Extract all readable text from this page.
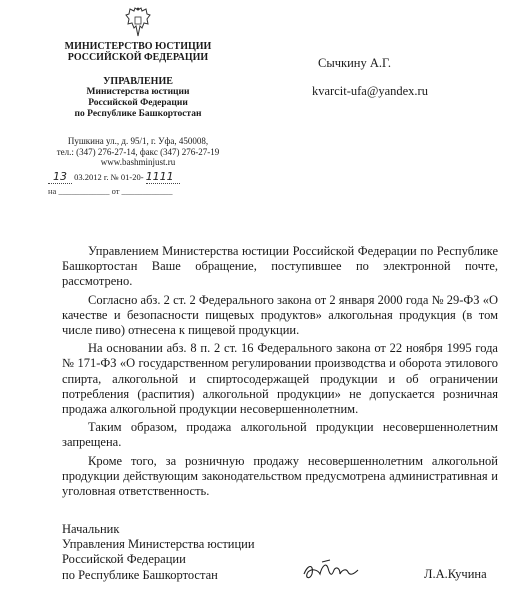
МИНИСТЕРСТВО ЮСТИЦИИ
РОССИЙСКОЙ ФЕДЕРАЦИИ
УПРАВЛЕНИЕ
Министерства юстиции
Российской Федерации
по Республике Башкортостан
Пушкина ул., д. 95/1, г. Уфа, 450008,
тел.: (347) 276-27-14, факс (347) 276-27-19
www.bashminjust.ru
13 03.2012 г. № 01-20- 1111
на ____________ от ____________
Сычкину А.Г.
kvarcit-ufa@yandex.ru

Управлением Министерства юстиции Российской Федерации по Республике Башкортостан Ваше обращение, поступившее по электронной почте, рассмотрено.

Согласно абз. 2 ст. 2 Федерального закона от 2 января 2000 года № 29-ФЗ «О качестве и безопасности пищевых продуктов» алкогольная продукция (в том числе пиво) отнесена к пищевой продукции.

На основании абз. 8 п. 2 ст. 16 Федерального закона от 22 ноября 1995 года № 171-ФЗ «О государственном регулировании производства и оборота этилового спирта, алкогольной и спиртосодержащей продукции и об ограничении потребления (распития) алкогольной продукции» не допускается розничная продажа алкогольной продукции несовершеннолетним.

Таким образом, продажа алкогольной продукции несовершеннолетним запрещена.

Кроме того, за розничную продажу несовершеннолетним алкогольной продукции действующим законодательством предусмотрена административная и уголовная ответственность.

Начальник
Управления Министерства юстиции
Российской Федерации
по Республике Башкортостан	Л.А.Кучина
